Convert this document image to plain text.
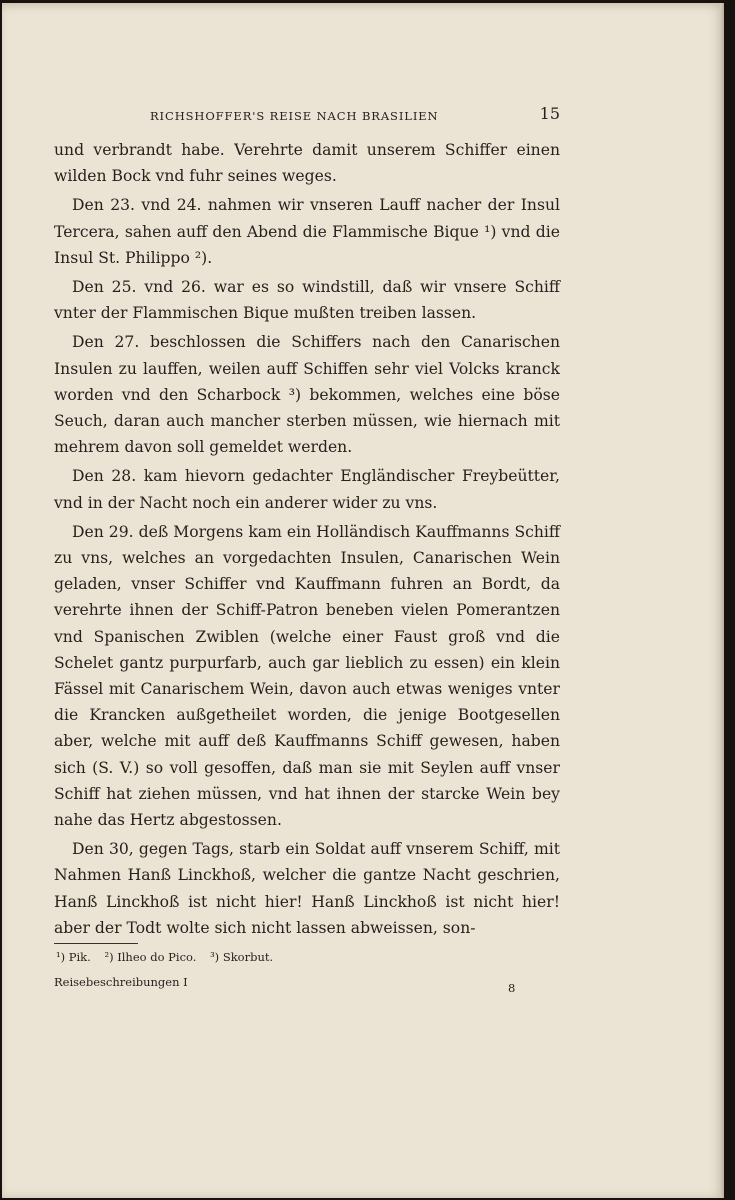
RICHSHOFFER'S REISE NACH BRASILIEN	15

und verbrandt habe. Verehrte damit unserem Schiffer einen wilden Bock vnd fuhr seines weges.

Den 23. vnd 24. nahmen wir vnseren Lauff nacher der Insul Tercera, sahen auff den Abend die Flammische Bique ¹) vnd die Insul St. Philippo ²).

Den 25. vnd 26. war es so windstill, daß wir vnsere Schiff vnter der Flammischen Bique mußten treiben lassen.

Den 27. beschlossen die Schiffers nach den Canarischen Insulen zu lauffen, weilen auff Schiffen sehr viel Volcks kranck worden vnd den Scharbock ³) bekommen, welches eine böse Seuch, daran auch mancher sterben müssen, wie hiernach mit mehrem davon soll gemeldet werden.

Den 28. kam hievorn gedachter Engländischer Freybeütter, vnd in der Nacht noch ein anderer wider zu vns.

Den 29. deß Morgens kam ein Holländisch Kauffmanns Schiff zu vns, welches an vorgedachten Insulen, Canarischen Wein geladen, vnser Schiffer vnd Kauffmann fuhren an Bordt, da verehrte ihnen der Schiff-Patron beneben vielen Pomerantzen vnd Spanischen Zwiblen (welche einer Faust groß vnd die Schelet gantz purpurfarb, auch gar lieblich zu essen) ein klein Fässel mit Canarischem Wein, davon auch etwas weniges vnter die Krancken außgetheilet worden, die jenige Bootgesellen aber, welche mit auff deß Kauffmanns Schiff gewesen, haben sich (S. V.) so voll gesoffen, daß man sie mit Seylen auff vnser Schiff hat ziehen müssen, vnd hat ihnen der starcke Wein bey nahe das Hertz abgestossen.

Den 30, gegen Tags, starb ein Soldat auff vnserem Schiff, mit Nahmen Hanß Linckhoß, welcher die gantze Nacht geschrien, Hanß Linckhoß ist nicht hier! Hanß Linckhoß ist nicht hier! aber der Todt wolte sich nicht lassen abweissen, son-

¹) Pik. ²) Ilheo do Pico. ³) Skorbut.
Reisebeschreibungen I	8
